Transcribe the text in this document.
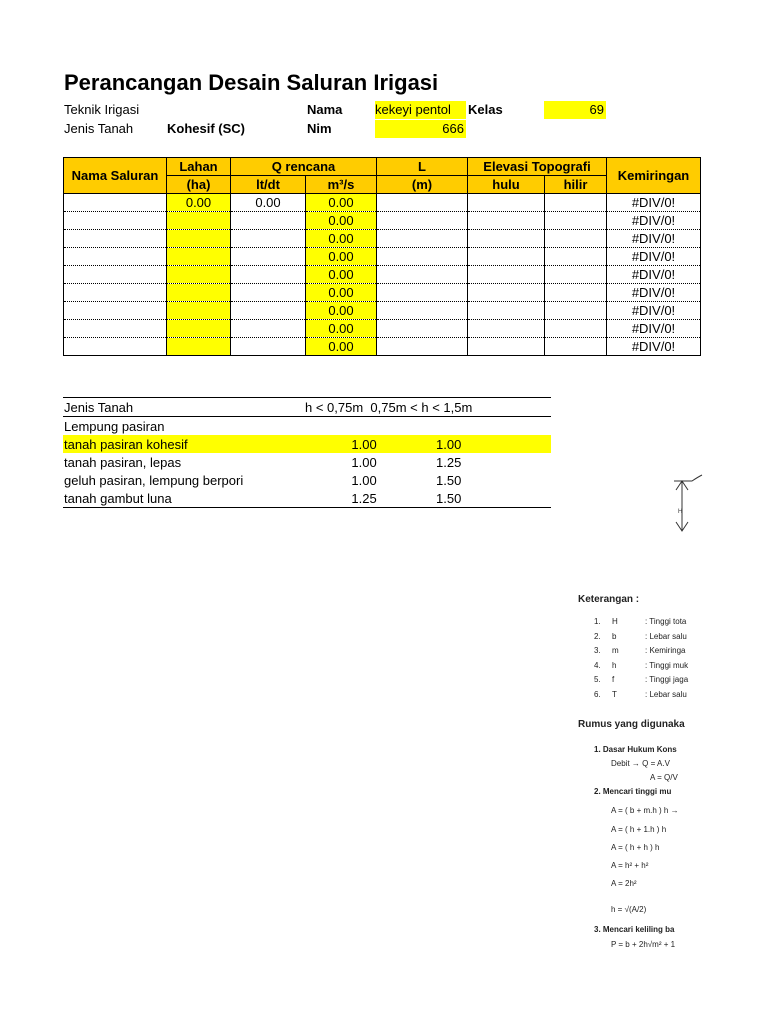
Perancangan Desain Saluran Irigasi
Teknik Irigasi	Nama	kekeyi pentol	Kelas	69
Jenis Tanah	Kohesif (SC)	Nim	666
Nama Saluran	Lahan	Q rencana		L	Elevasi Topografi		Kemiringan
	(ha)	lt/dt	m³/s	(m)	hulu	hilir	
	0.00	0.00	0.00				#DIV/0!
			0.00				#DIV/0!
			0.00				#DIV/0!
			0.00				#DIV/0!
			0.00				#DIV/0!
			0.00				#DIV/0!
			0.00				#DIV/0!
			0.00				#DIV/0!
			0.00				#DIV/0!
Jenis Tanah	h < 0,75m 0,75m < h < 1,5m		
Lempung pasiran			
tanah pasiran kohesif	1.00	1.00	
tanah pasiran, lepas	1.00	1.25	
geluh pasiran, lempung berpori	1.00	1.50	
tanah gambut luna	1.25	1.50	
H
Keterangan :
1. H	: Tinggi tota
2. b	: Lebar salu
3. m	: Kemiringa
4. h	: Tinggi muk
5. f	: Tinggi jaga
6. T	: Lebar salu
Rumus yang digunaka
1. Dasar Hukum Kons
Debit → Q = A.V
A = Q/V
2. Mencari tinggi mu
A = ( b + m.h ) h →
A = ( h + 1.h ) h
A = ( h + h ) h
A = h² + h²
A = 2h²
h = √(A/2)
3. Mencari keliling ba
P = b + 2h√m² + 1
